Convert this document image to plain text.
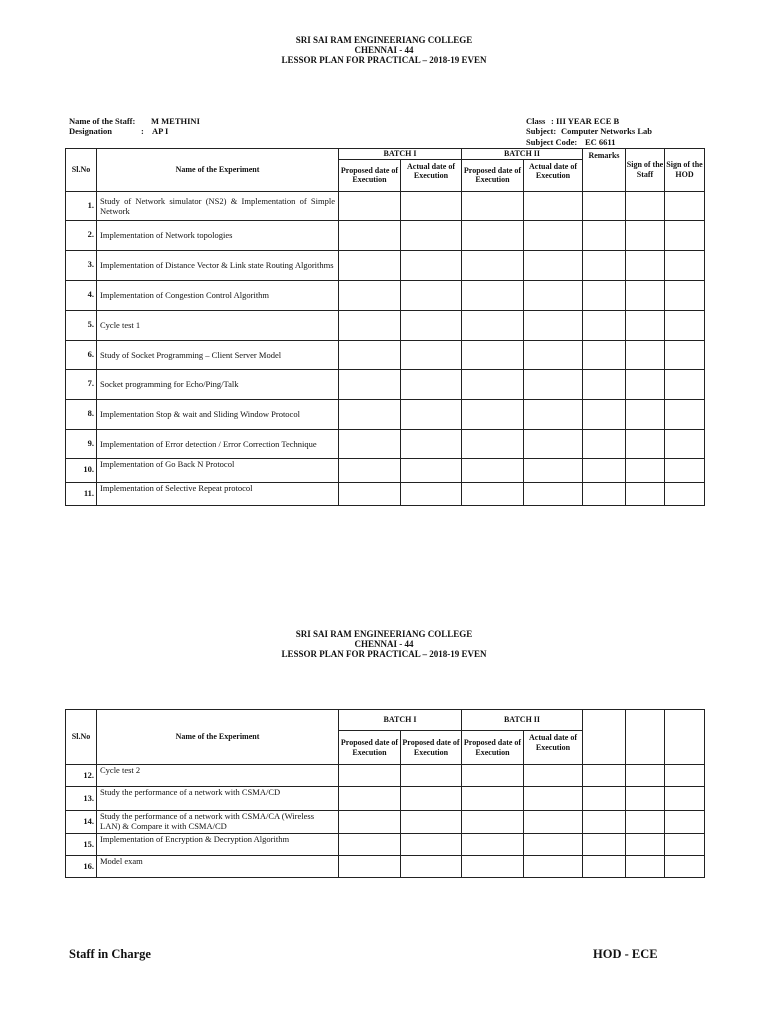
SRI SAI RAM ENGINEERIANG COLLEGE
CHENNAI - 44
LESSOR PLAN FOR PRACTICAL – 2018-19 EVEN
Name of the Staff: M METHINI
Designation	: AP I
Class : III YEAR ECE B
Subject: Computer Networks Lab
Subject Code: EC 6611
Sl.No	Name of the Experiment	BATCH I		BATCH II		Remarks	Sign of the Staff	Sign of the HOD
		Proposed date of Execution	Actual date of Execution	Proposed date of Execution	Actual date of Execution			
1.	Study of Network simulator (NS2) & Implementation of Simple Network							
2.	Implementation of Network topologies							
3.	Implementation of Distance Vector & Link state Routing Algorithms							
4.	Implementation of Congestion Control Algorithm							
5.	Cycle test 1							
6.	Study of Socket Programming – Client Server Model							
7.	Socket programming for Echo/Ping/Talk							
8.	Implementation Stop & wait and Sliding Window Protocol							
9.	Implementation of Error detection / Error Correction Technique							
10.	Implementation of Go Back N Protocol							
11.	Implementation of Selective Repeat protocol							
SRI SAI RAM ENGINEERIANG COLLEGE
CHENNAI - 44
LESSOR PLAN FOR PRACTICAL – 2018-19 EVEN
Sl.No	Name of the Experiment	BATCH I		BATCH II				
		Proposed date of Execution	Proposed date of Execution	Proposed date of Execution	Actual date of Execution			
12.	Cycle test 2							
13.	Study the performance of a network with CSMA/CD							
14.	Study the performance of a network with CSMA/CA (Wireless LAN) & Compare it with CSMA/CD							
15.	Implementation of Encryption & Decryption Algorithm							
16.	Model exam							
Staff in Charge	HOD - ECE
